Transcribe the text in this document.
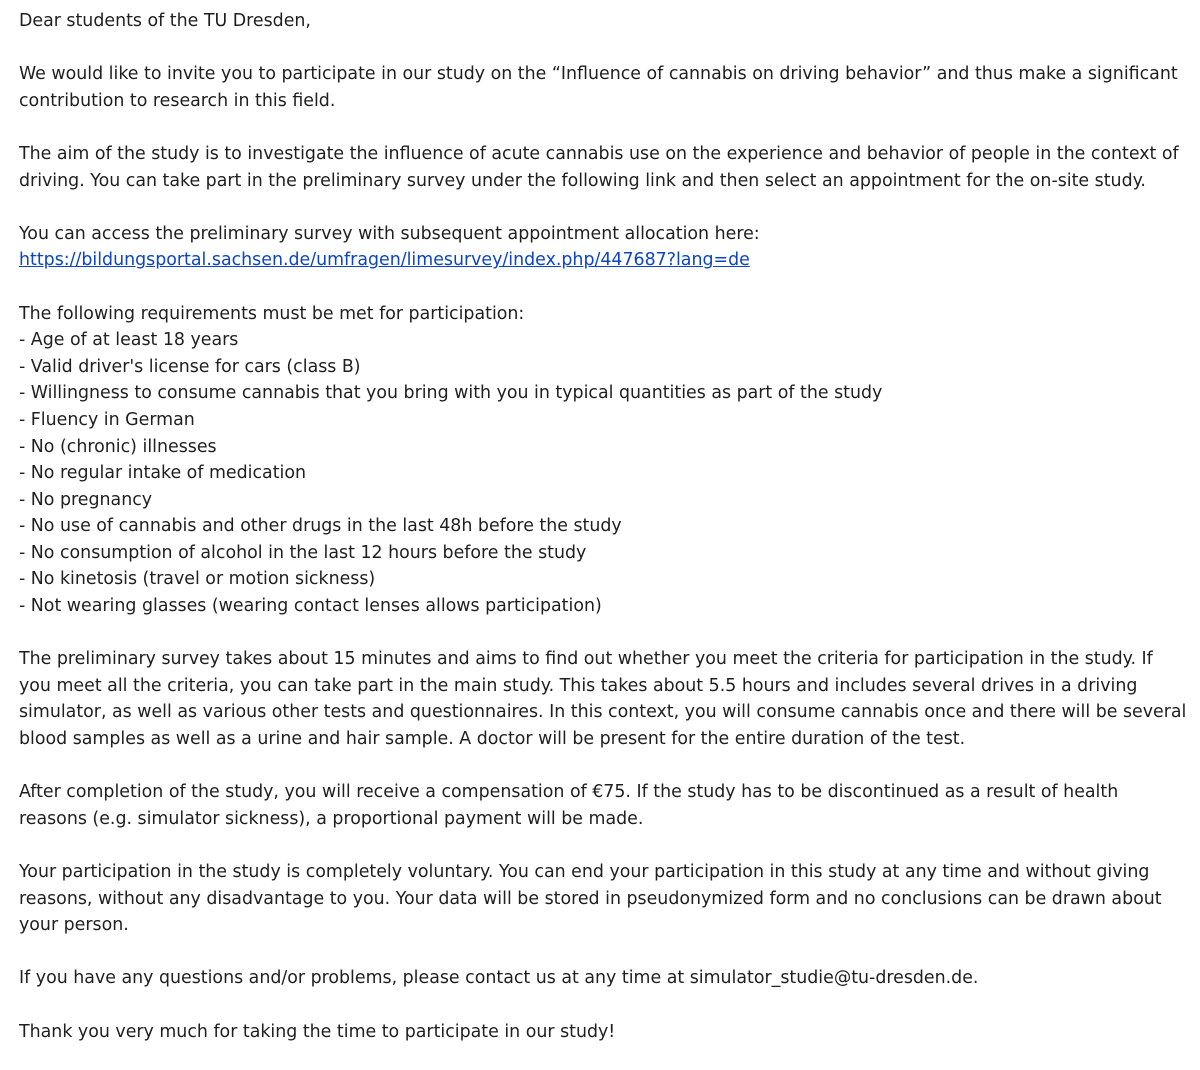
Dear students of the TU Dresden,

We would like to invite you to participate in our study on the “Influence of cannabis on driving behavior” and thus make a significant contribution to research in this field.

The aim of the study is to investigate the influence of acute cannabis use on the experience and behavior of people in the context of driving. You can take part in the preliminary survey under the following link and then select an appointment for the on-site study.

You can access the preliminary survey with subsequent appointment allocation here:

https://bildungsportal.sachsen.de/umfragen/limesurvey/index.php/447687?lang=de

The following requirements must be met for participation:

- Age of at least 18 years
- Valid driver's license for cars (class B)
- Willingness to consume cannabis that you bring with you in typical quantities as part of the study
- Fluency in German
- No (chronic) illnesses
- No regular intake of medication
- No pregnancy
- No use of cannabis and other drugs in the last 48h before the study
- No consumption of alcohol in the last 12 hours before the study
- No kinetosis (travel or motion sickness)
- Not wearing glasses (wearing contact lenses allows participation)

The preliminary survey takes about 15 minutes and aims to find out whether you meet the criteria for participation in the study. If you meet all the criteria, you can take part in the main study. This takes about 5.5 hours and includes several drives in a driving simulator, as well as various other tests and questionnaires. In this context, you will consume cannabis once and there will be several blood samples as well as a urine and hair sample. A doctor will be present for the entire duration of the test.

After completion of the study, you will receive a compensation of €75. If the study has to be discontinued as a result of health reasons (e.g. simulator sickness), a proportional payment will be made.

Your participation in the study is completely voluntary. You can end your participation in this study at any time and without giving reasons, without any disadvantage to you. Your data will be stored in pseudonymized form and no conclusions can be drawn about your person.

If you have any questions and/or problems, please contact us at any time at simulator_studie@tu-dresden.de.

Thank you very much for taking the time to participate in our study!
